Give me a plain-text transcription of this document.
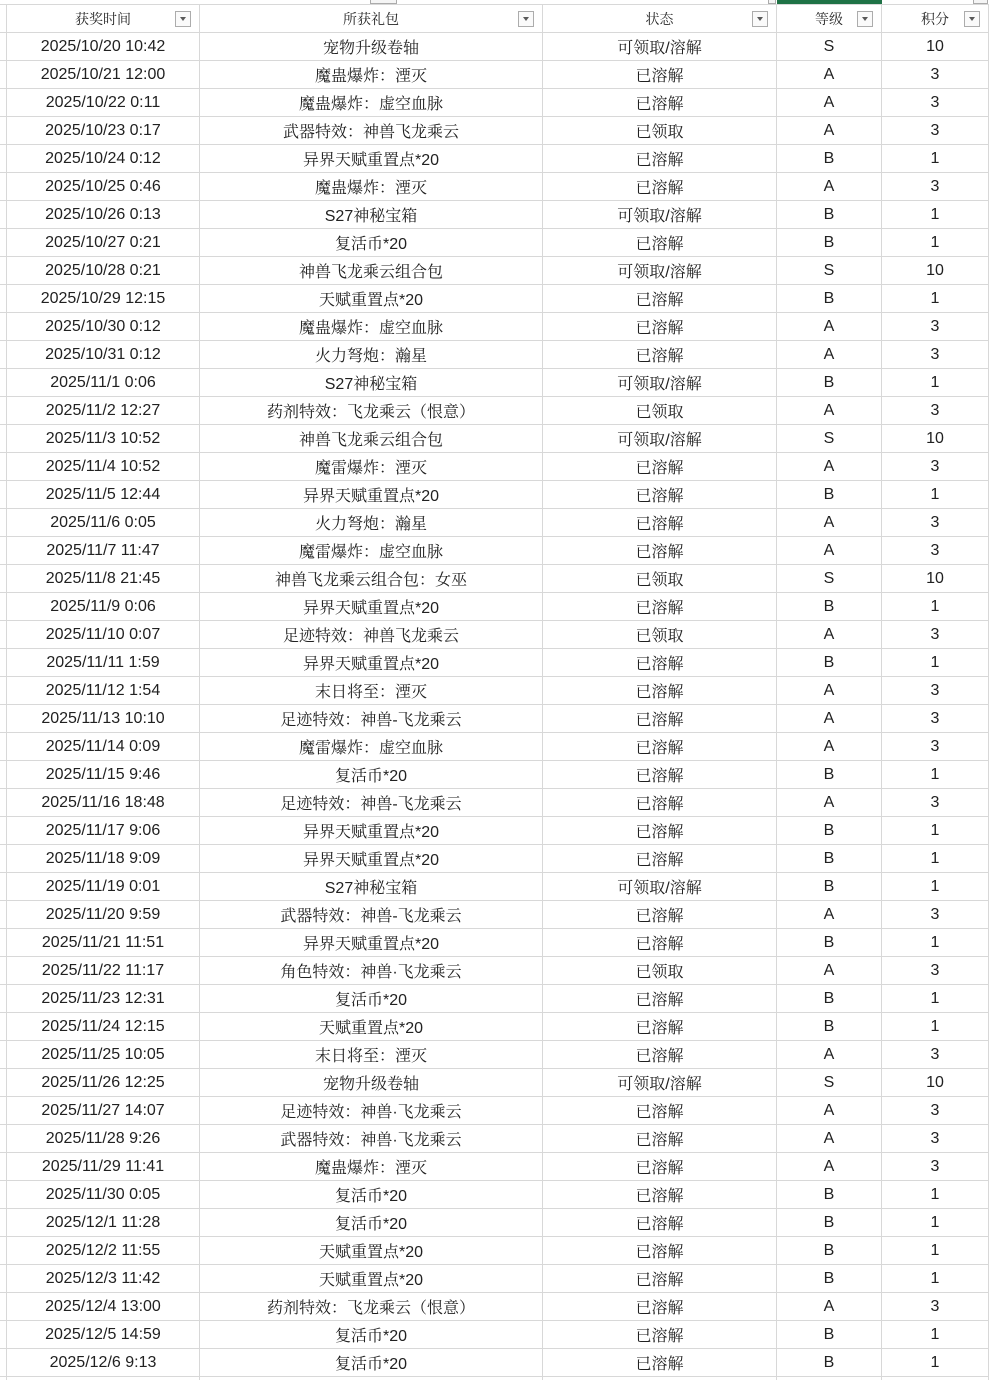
获奖时间	所获礼包	状态	等级	积分
2025/10/20 10:42	宠物升级卷轴	可领取/溶解	S	10
2025/10/21 12:00	魔蛊爆炸：湮灭	已溶解	A	3
2025/10/22 0:11	魔蛊爆炸：虚空血脉	已溶解	A	3
2025/10/23 0:17	武器特效：神兽飞龙乘云	已领取	A	3
2025/10/24 0:12	异界天赋重置点*20	已溶解	B	1
2025/10/25 0:46	魔蛊爆炸：湮灭	已溶解	A	3
2025/10/26 0:13	S27神秘宝箱	可领取/溶解	B	1
2025/10/27 0:21	复活币*20	已溶解	B	1
2025/10/28 0:21	神兽飞龙乘云组合包	可领取/溶解	S	10
2025/10/29 12:15	天赋重置点*20	已溶解	B	1
2025/10/30 0:12	魔蛊爆炸：虚空血脉	已溶解	A	3
2025/10/31 0:12	火力弩炮：瀚星	已溶解	A	3
2025/11/1 0:06	S27神秘宝箱	可领取/溶解	B	1
2025/11/2 12:27	药剂特效：飞龙乘云（恨意）	已领取	A	3
2025/11/3 10:52	神兽飞龙乘云组合包	可领取/溶解	S	10
2025/11/4 10:52	魔雷爆炸：湮灭	已溶解	A	3
2025/11/5 12:44	异界天赋重置点*20	已溶解	B	1
2025/11/6 0:05	火力弩炮：瀚星	已溶解	A	3
2025/11/7 11:47	魔雷爆炸：虚空血脉	已溶解	A	3
2025/11/8 21:45	神兽飞龙乘云组合包：女巫	已领取	S	10
2025/11/9 0:06	异界天赋重置点*20	已溶解	B	1
2025/11/10 0:07	足迹特效：神兽飞龙乘云	已领取	A	3
2025/11/11 1:59	异界天赋重置点*20	已溶解	B	1
2025/11/12 1:54	末日将至：湮灭	已溶解	A	3
2025/11/13 10:10	足迹特效：神兽-飞龙乘云	已溶解	A	3
2025/11/14 0:09	魔雷爆炸：虚空血脉	已溶解	A	3
2025/11/15 9:46	复活币*20	已溶解	B	1
2025/11/16 18:48	足迹特效：神兽-飞龙乘云	已溶解	A	3
2025/11/17 9:06	异界天赋重置点*20	已溶解	B	1
2025/11/18 9:09	异界天赋重置点*20	已溶解	B	1
2025/11/19 0:01	S27神秘宝箱	可领取/溶解	B	1
2025/11/20 9:59	武器特效：神兽-飞龙乘云	已溶解	A	3
2025/11/21 11:51	异界天赋重置点*20	已溶解	B	1
2025/11/22 11:17	角色特效：神兽·飞龙乘云	已领取	A	3
2025/11/23 12:31	复活币*20	已溶解	B	1
2025/11/24 12:15	天赋重置点*20	已溶解	B	1
2025/11/25 10:05	末日将至：湮灭	已溶解	A	3
2025/11/26 12:25	宠物升级卷轴	可领取/溶解	S	10
2025/11/27 14:07	足迹特效：神兽·飞龙乘云	已溶解	A	3
2025/11/28 9:26	武器特效：神兽·飞龙乘云	已溶解	A	3
2025/11/29 11:41	魔蛊爆炸：湮灭	已溶解	A	3
2025/11/30 0:05	复活币*20	已溶解	B	1
2025/12/1 11:28	复活币*20	已溶解	B	1
2025/12/2 11:55	天赋重置点*20	已溶解	B	1
2025/12/3 11:42	天赋重置点*20	已溶解	B	1
2025/12/4 13:00	药剂特效：飞龙乘云（恨意）	已溶解	A	3
2025/12/5 14:59	复活币*20	已溶解	B	1
2025/12/6 9:13	复活币*20	已溶解	B	1
